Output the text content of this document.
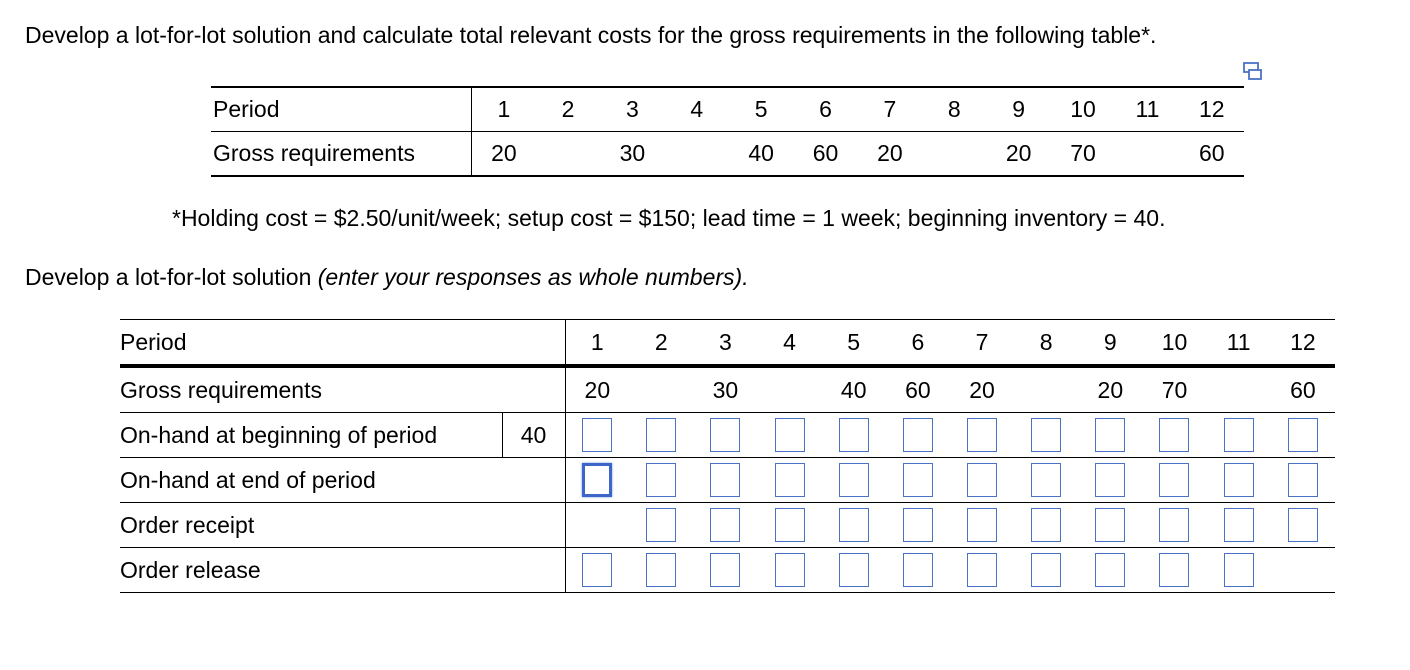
Develop a lot-for-lot solution and calculate total relevant costs for the gross requirements in the following table*.
Period	1	2	3	4	5	6	7	8	9	10	11	12
Gross requirements	20		30		40	60	20		20	70		60
*Holding cost = $2.50/unit/week; setup cost = $150; lead time = 1 week; beginning inventory = 40.
Develop a lot-for-lot solution (enter your responses as whole numbers).
Period		1	2	3	4	5	6	7	8	9	10	11	12
Gross requirements		20		30		40	60	20		20	70		60
On-hand at beginning of period	40												
On-hand at end of period													
Order receipt													
Order release													
